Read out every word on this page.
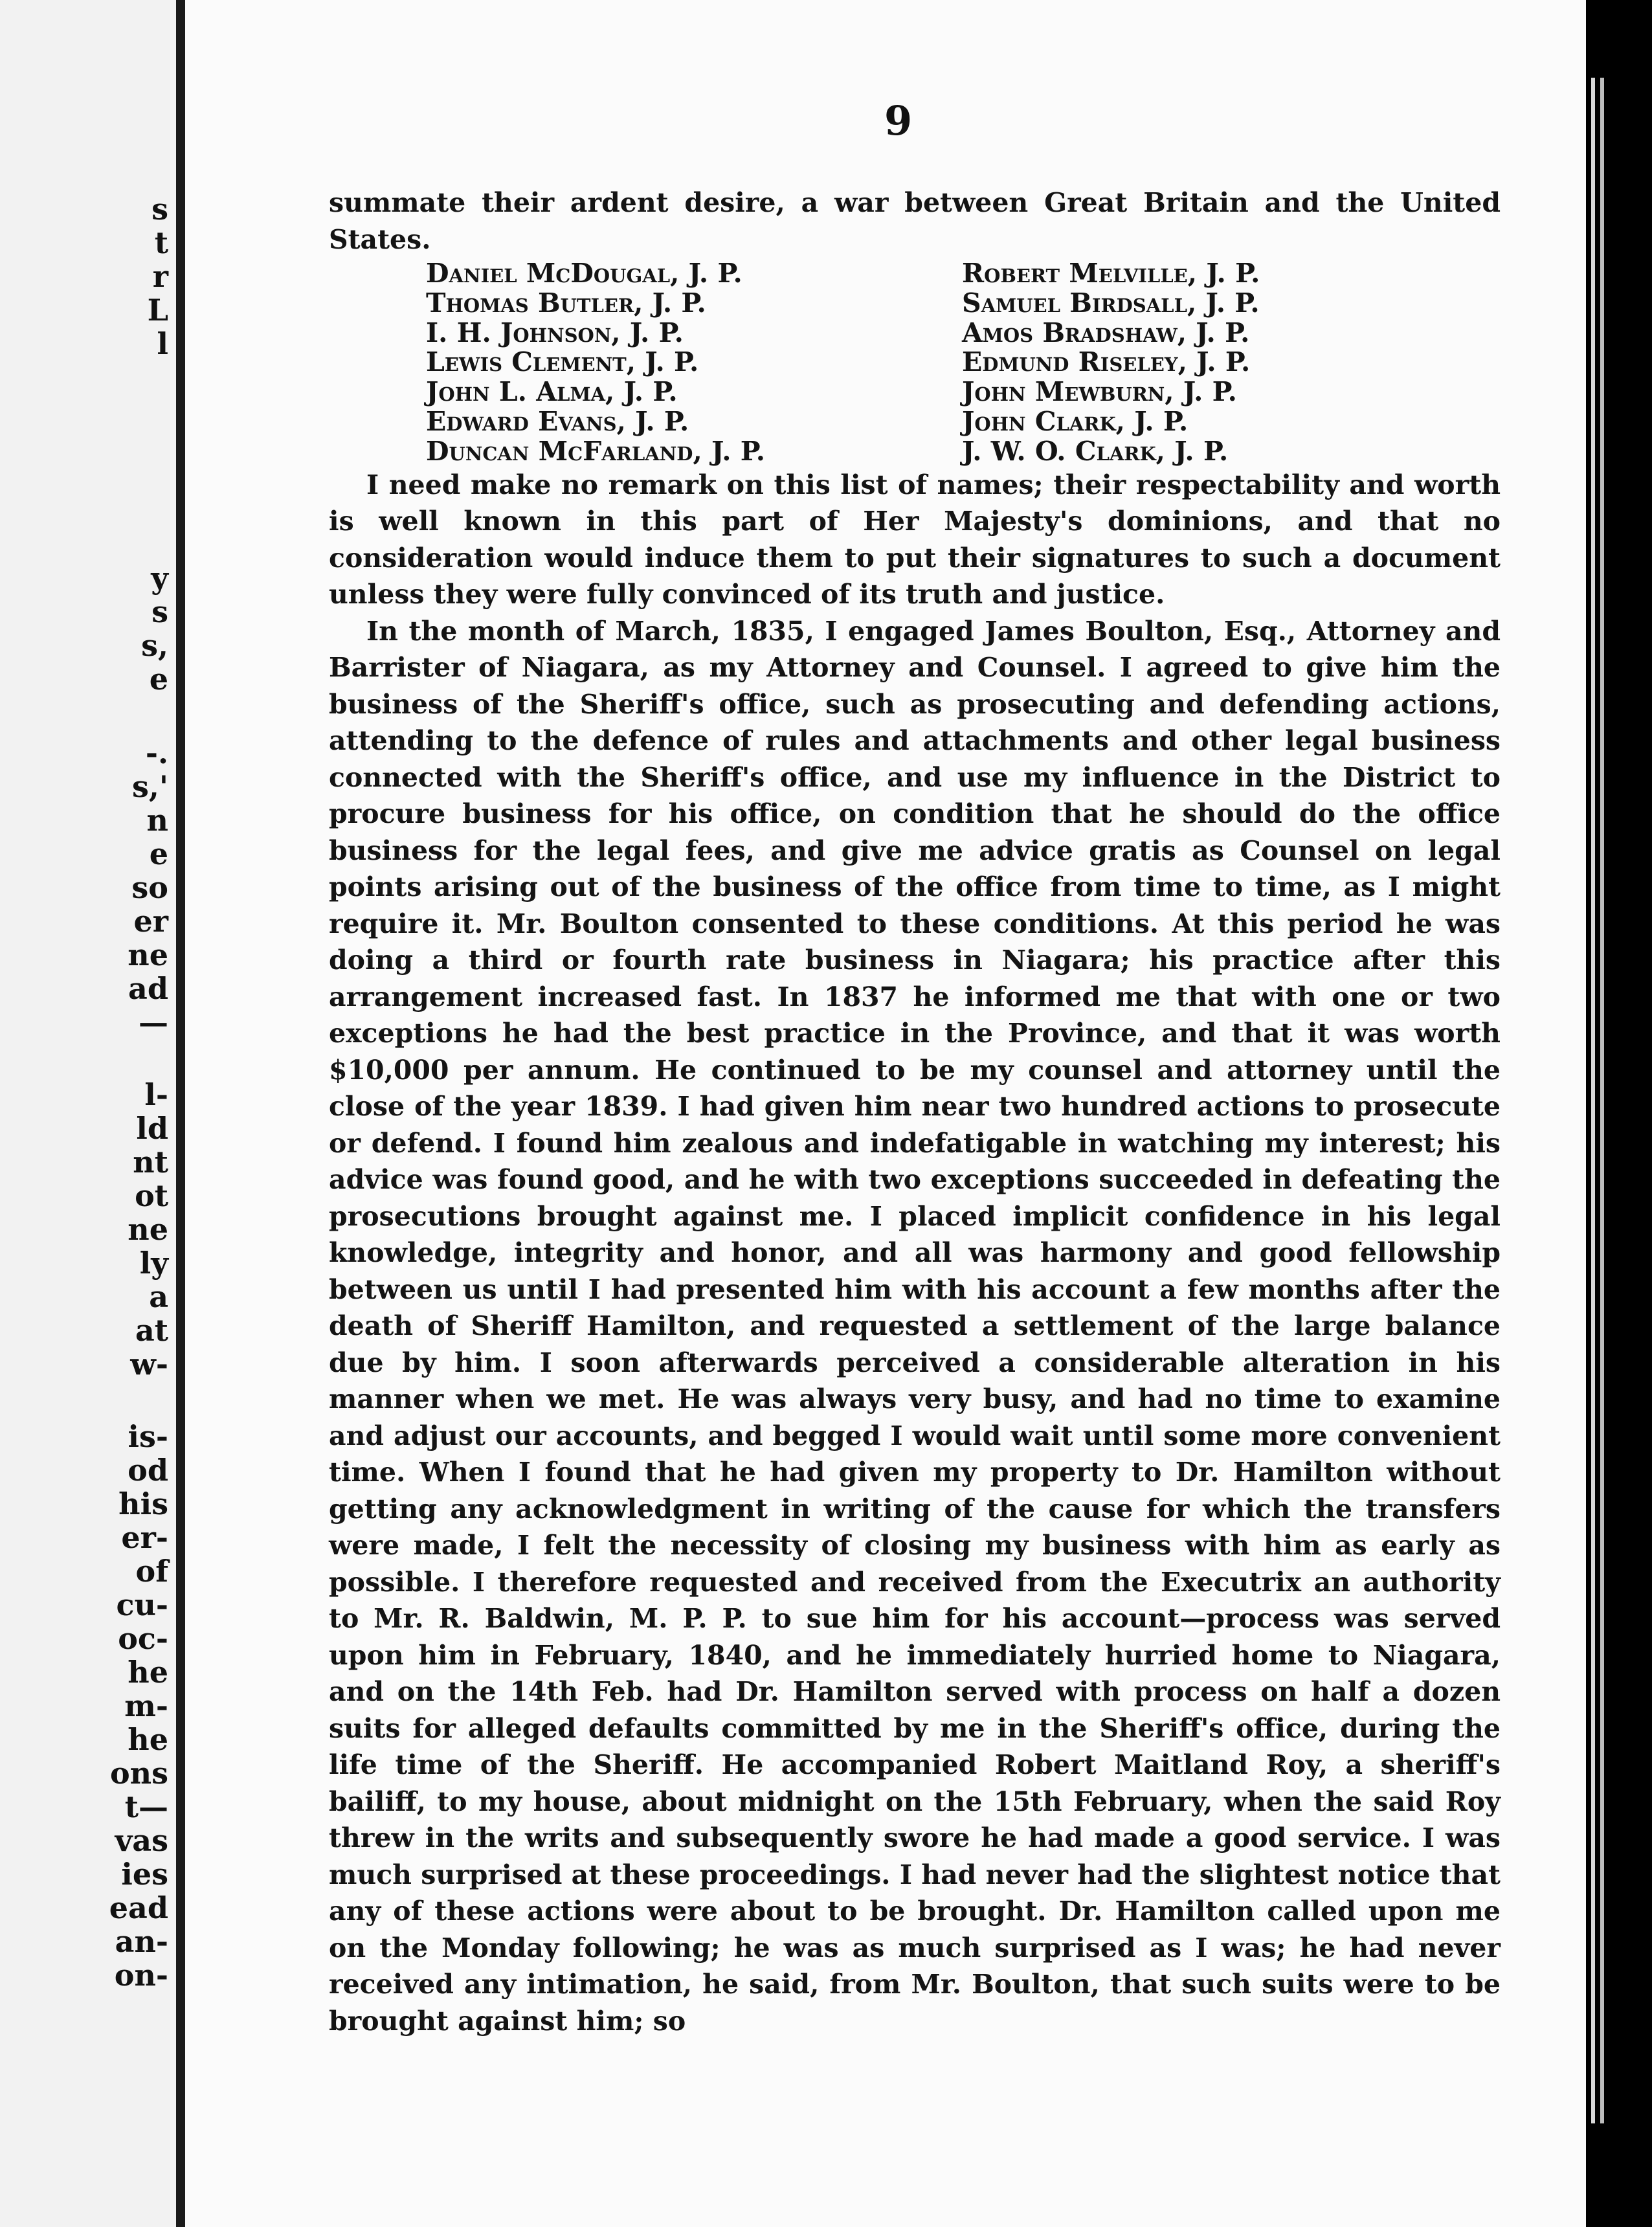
s
t
r
L
l
y
s
s,
e
-.
s,'
n
e
so
er
ne
ad
—
l-
ld
nt
ot
ne
ly
a
at
w-
is-
od
his
er-
of
cu-
oc-
he
m-
he
ons
t—
vas
ies
ead
an-
on-
9

summate their ardent desire, a war between Great Britain and the United States.

Daniel McDougal, J. P.
Thomas Butler, J. P.
I. H. Johnson, J. P.
Lewis Clement, J. P.
John L. Alma, J. P.
Edward Evans, J. P.
Duncan McFarland, J. P.
Robert Melville, J. P.
Samuel Birdsall, J. P.
Amos Bradshaw, J. P.
Edmund Riseley, J. P.
John Mewburn, J. P.
John Clark, J. P.
J. W. O. Clark, J. P.

I need make no remark on this list of names; their respectability and worth is well known in this part of Her Majesty's dominions, and that no consideration would induce them to put their signatures to such a document unless they were fully convinced of its truth and justice.

In the month of March, 1835, I engaged James Boulton, Esq., Attorney and Barrister of Niagara, as my Attorney and Counsel. I agreed to give him the business of the Sheriff's office, such as prosecuting and defending actions, attending to the defence of rules and attachments and other legal business connected with the Sheriff's office, and use my influence in the District to procure business for his office, on condition that he should do the office business for the legal fees, and give me advice gratis as Counsel on legal points arising out of the business of the office from time to time, as I might require it. Mr. Boulton consented to these conditions. At this period he was doing a third or fourth rate business in Niagara; his practice after this arrangement increased fast. In 1837 he informed me that with one or two exceptions he had the best practice in the Province, and that it was worth $10,000 per annum. He continued to be my counsel and attorney until the close of the year 1839. I had given him near two hundred actions to prosecute or defend. I found him zealous and indefatigable in watching my interest; his advice was found good, and he with two exceptions succeeded in defeating the prosecutions brought against me. I placed implicit confidence in his legal knowledge, integrity and honor, and all was harmony and good fellowship between us until I had presented him with his account a few months after the death of Sheriff Hamilton, and requested a settlement of the large balance due by him. I soon afterwards perceived a considerable alteration in his manner when we met. He was always very busy, and had no time to examine and adjust our accounts, and begged I would wait until some more convenient time. When I found that he had given my property to Dr. Hamilton without getting any acknowledgment in writing of the cause for which the transfers were made, I felt the necessity of closing my business with him as early as possible. I therefore requested and received from the Executrix an authority to Mr. R. Baldwin, M. P. P. to sue him for his account—process was served upon him in February, 1840, and he immediately hurried home to Niagara, and on the 14th Feb. had Dr. Hamilton served with process on half a dozen suits for alleged defaults committed by me in the Sheriff's office, during the life time of the Sheriff. He accompanied Robert Maitland Roy, a sheriff's bailiff, to my house, about midnight on the 15th February, when the said Roy threw in the writs and subsequently swore he had made a good service. I was much surprised at these proceedings. I had never had the slightest notice that any of these actions were about to be brought. Dr. Hamilton called upon me on the Monday following; he was as much surprised as I was; he had never received any intimation, he said, from Mr. Boulton, that such suits were to be brought against him; so
